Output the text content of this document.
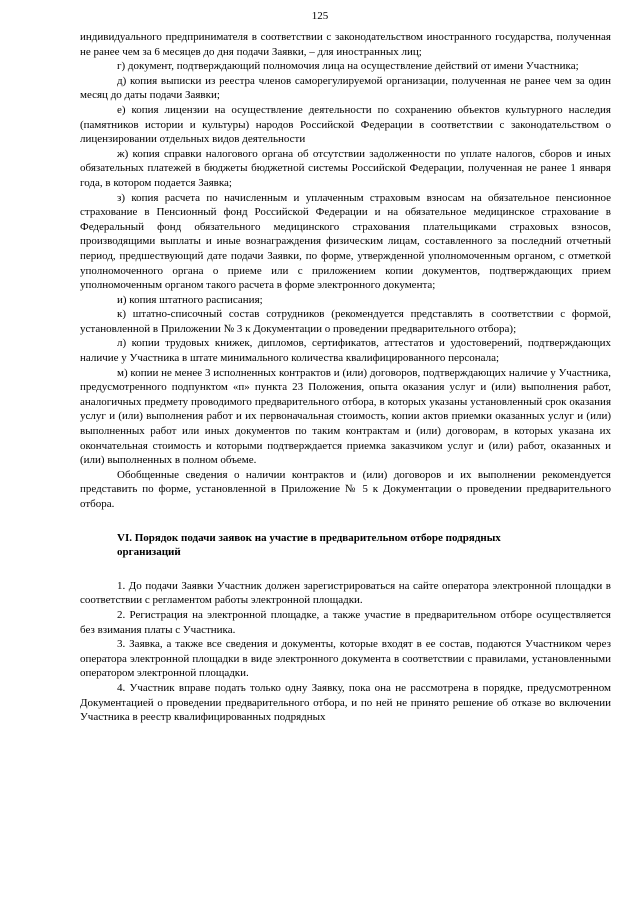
125

индивидуального предпринимателя в соответствии с законодательством иностранного государства, полученная не ранее чем за 6 месяцев до дня подачи Заявки, – для иностранных лиц;

г) документ, подтверждающий полномочия лица на осуществление действий от имени Участника;

д) копия выписки из реестра членов саморегулируемой организации, полученная не ранее чем за один месяц до даты подачи Заявки;

е) копия лицензии на осуществление деятельности по сохранению объектов культурного наследия (памятников истории и культуры) народов Российской Федерации в соответствии с законодательством о лицензировании отдельных видов деятельности

ж) копия справки налогового органа об отсутствии задолженности по уплате налогов, сборов и иных обязательных платежей в бюджеты бюджетной системы Российской Федерации, полученная не ранее 1 января года, в котором подается Заявка;

з) копия расчета по начисленным и уплаченным страховым взносам на обязательное пенсионное страхование в Пенсионный фонд Российской Федерации и на обязательное медицинское страхование в Федеральный фонд обязательного медицинского страхования плательщиками страховых взносов, производящими выплаты и иные вознаграждения физическим лицам, составленного за последний отчетный период, предшествующий дате подачи Заявки, по форме, утвержденной уполномоченным органом, с отметкой уполномоченного органа о приеме или с приложением копии документов, подтверждающих прием уполномоченным органом такого расчета в форме электронного документа;

и) копия штатного расписания;

к) штатно-списочный состав сотрудников (рекомендуется представлять в соответствии с формой, установленной в Приложении № 3 к Документации о проведении предварительного отбора);

л) копии трудовых книжек, дипломов, сертификатов, аттестатов и удостоверений, подтверждающих наличие у Участника в штате минимального количества квалифицированного персонала;

м) копии не менее 3 исполненных контрактов и (или) договоров, подтверждающих наличие у Участника, предусмотренного подпунктом «п» пункта 23 Положения, опыта оказания услуг и (или) выполнения работ, аналогичных предмету проводимого предварительного отбора, в которых указаны установленный срок оказания услуг и (или) выполнения работ и их первоначальная стоимость, копии актов приемки оказанных услуг и (или) выполненных работ или иных документов по таким контрактам и (или) договорам, в которых указана их окончательная стоимость и которыми подтверждается приемка заказчиком услуг и (или) работ, оказанных и (или) выполненных в полном объеме.

Обобщенные сведения о наличии контрактов и (или) договоров и их выполнении рекомендуется представить по форме, установленной в Приложение № 5 к Документации о проведении предварительного отбора.

VI. Порядок подачи заявок на участие в предварительном отборе подрядных
организаций

1. До подачи Заявки Участник должен зарегистрироваться на сайте оператора электронной площадки в соответствии с регламентом работы электронной площадки.

2. Регистрация на электронной площадке, а также участие в предварительном отборе осуществляется без взимания платы с Участника.

3. Заявка, а также все сведения и документы, которые входят в ее состав, подаются Участником через оператора электронной площадки в виде электронного документа в соответствии с правилами, установленными оператором электронной площадки.

4. Участник вправе подать только одну Заявку, пока она не рассмотрена в порядке, предусмотренном Документацией о проведении предварительного отбора, и по ней не принято решение об отказе во включении Участника в реестр квалифицированных подрядных
